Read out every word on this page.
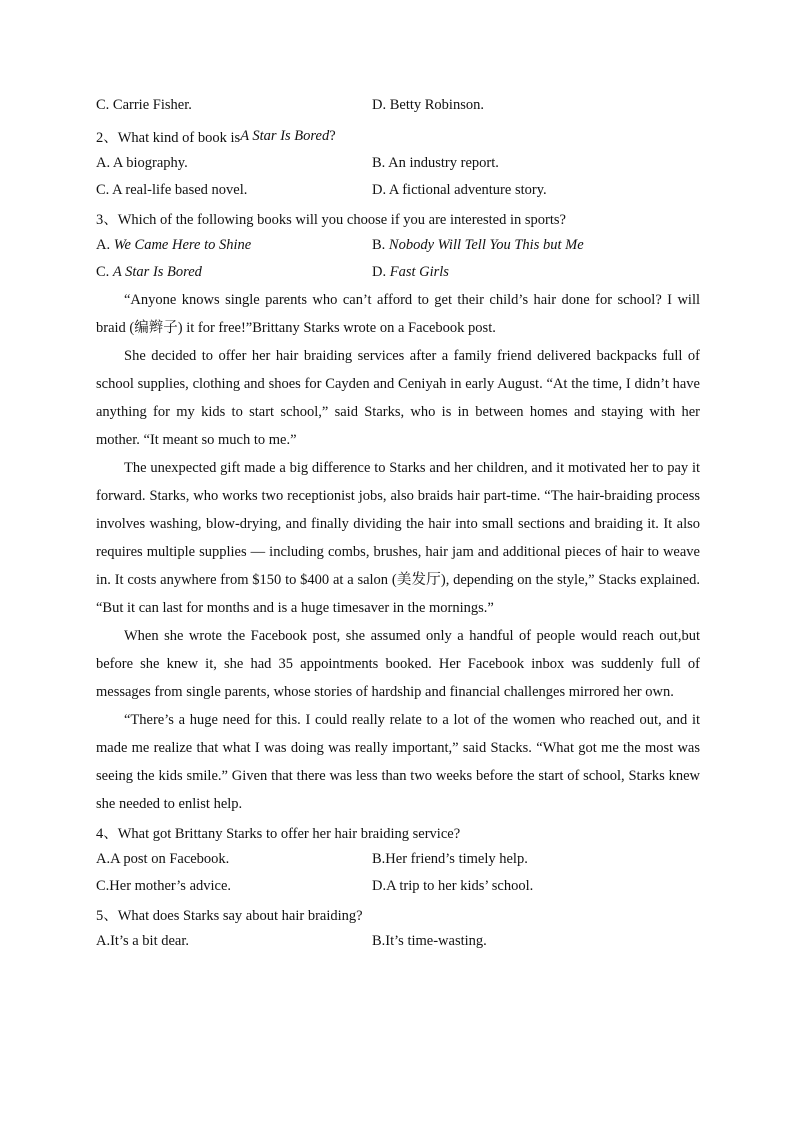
C. Carrie Fisher.	D. Betty Robinson.
2、What kind of book is A Star Is Bored ?
A. A biography.	B. An industry report.
C. A real-life based novel.	D. A fictional adventure story.
3、Which of the following books will you choose if you are interested in sports?
A. We Came Here to Shine	B. Nobody Will Tell You This but Me
C. A Star Is Bored	D. Fast Girls

“Anyone knows single parents who can’t afford to get their child’s hair done for school? I will braid (编辫子) it for free!”Brittany Starks wrote on a Facebook post.

She decided to offer her hair braiding services after a family friend delivered backpacks full of school supplies, clothing and shoes for Cayden and Ceniyah in early August. “At the time, I didn’t have anything for my kids to start school,” said Starks, who is in between homes and staying with her mother. “It meant so much to me.”

The unexpected gift made a big difference to Starks and her children, and it motivated her to pay it forward. Starks, who works two receptionist jobs, also braids hair part-time. “The hair-braiding process involves washing, blow-drying, and finally dividing the hair into small sections and braiding it. It also requires multiple supplies — including combs, brushes, hair jam and additional pieces of hair to weave in. It costs anywhere from $150 to $400 at a salon (美发厅), depending on the style,” Stacks explained. “But it can last for months and is a huge timesaver in the mornings.”

When she wrote the Facebook post, she assumed only a handful of people would reach out,but before she knew it, she had 35 appointments booked. Her Facebook inbox was suddenly full of messages from single parents, whose stories of hardship and financial challenges mirrored her own.

“There’s a huge need for this. I could really relate to a lot of the women who reached out, and it made me realize that what I was doing was really important,” said Stacks. “What got me the most was seeing the kids smile.” Given that there was less than two weeks before the start of school, Starks knew she needed to enlist help.

4、What got Brittany Starks to offer her hair braiding service?
A.A post on Facebook.	B.Her friend’s timely help.
C.Her mother’s advice.	D.A trip to her kids’ school.
5、What does Starks say about hair braiding?
A.It’s a bit dear.	B.It’s time-wasting.
